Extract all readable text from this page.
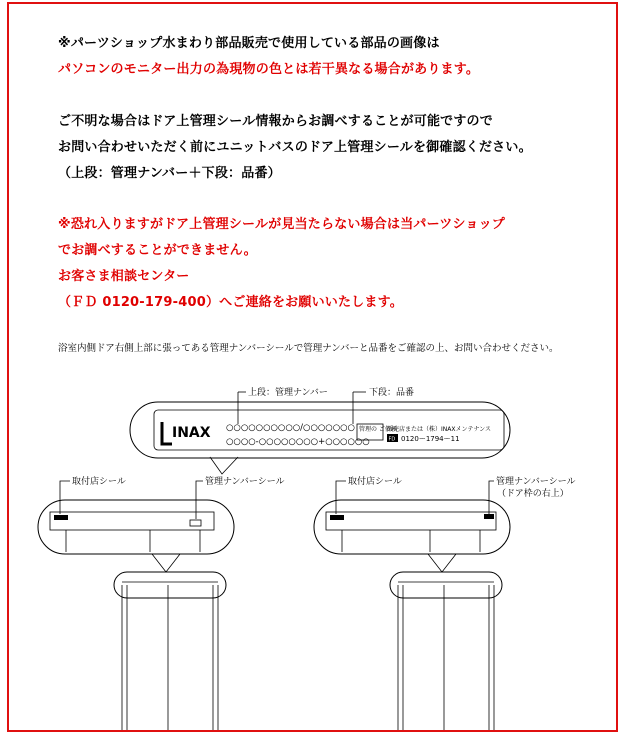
※パーツショップ水まわり部品販売で使用している部品の画像は
パソコンのモニター出力の為現物の色とは若干異なる場合があります。
ご不明な場合はドア上管理シール情報からお調べすることが可能ですので
お問い合わせいただく前にユニットバスのドア上管理シールを御確認ください。
（上段：管理ナンバー＋下段：品番）
※恐れ入りますがドア上管理シールが見当たらない場合は当パーツショップ
でお調べすることができません。
お客さま相談センター
（ＦＤ 0120-179-400）へご連絡をお願いいたします。
浴室内側ドア右側上部に張ってある管理ナンバーシールで管理ナンバーと品番をご確認の上、お問い合わせください。
INAX ○○○○○○○○○○/○○○○○○○
○○○○-○○○○○○○○+○○○○○○
管理の ご依頼
販売店または（株）INAXメンテナンス
FD 0120ー1794ー11
上段：管理ナンバー	下段：品番
取付店シール	管理ナンバーシール	取付店シール	管理ナンバーシール
（ドア枠の右上）
